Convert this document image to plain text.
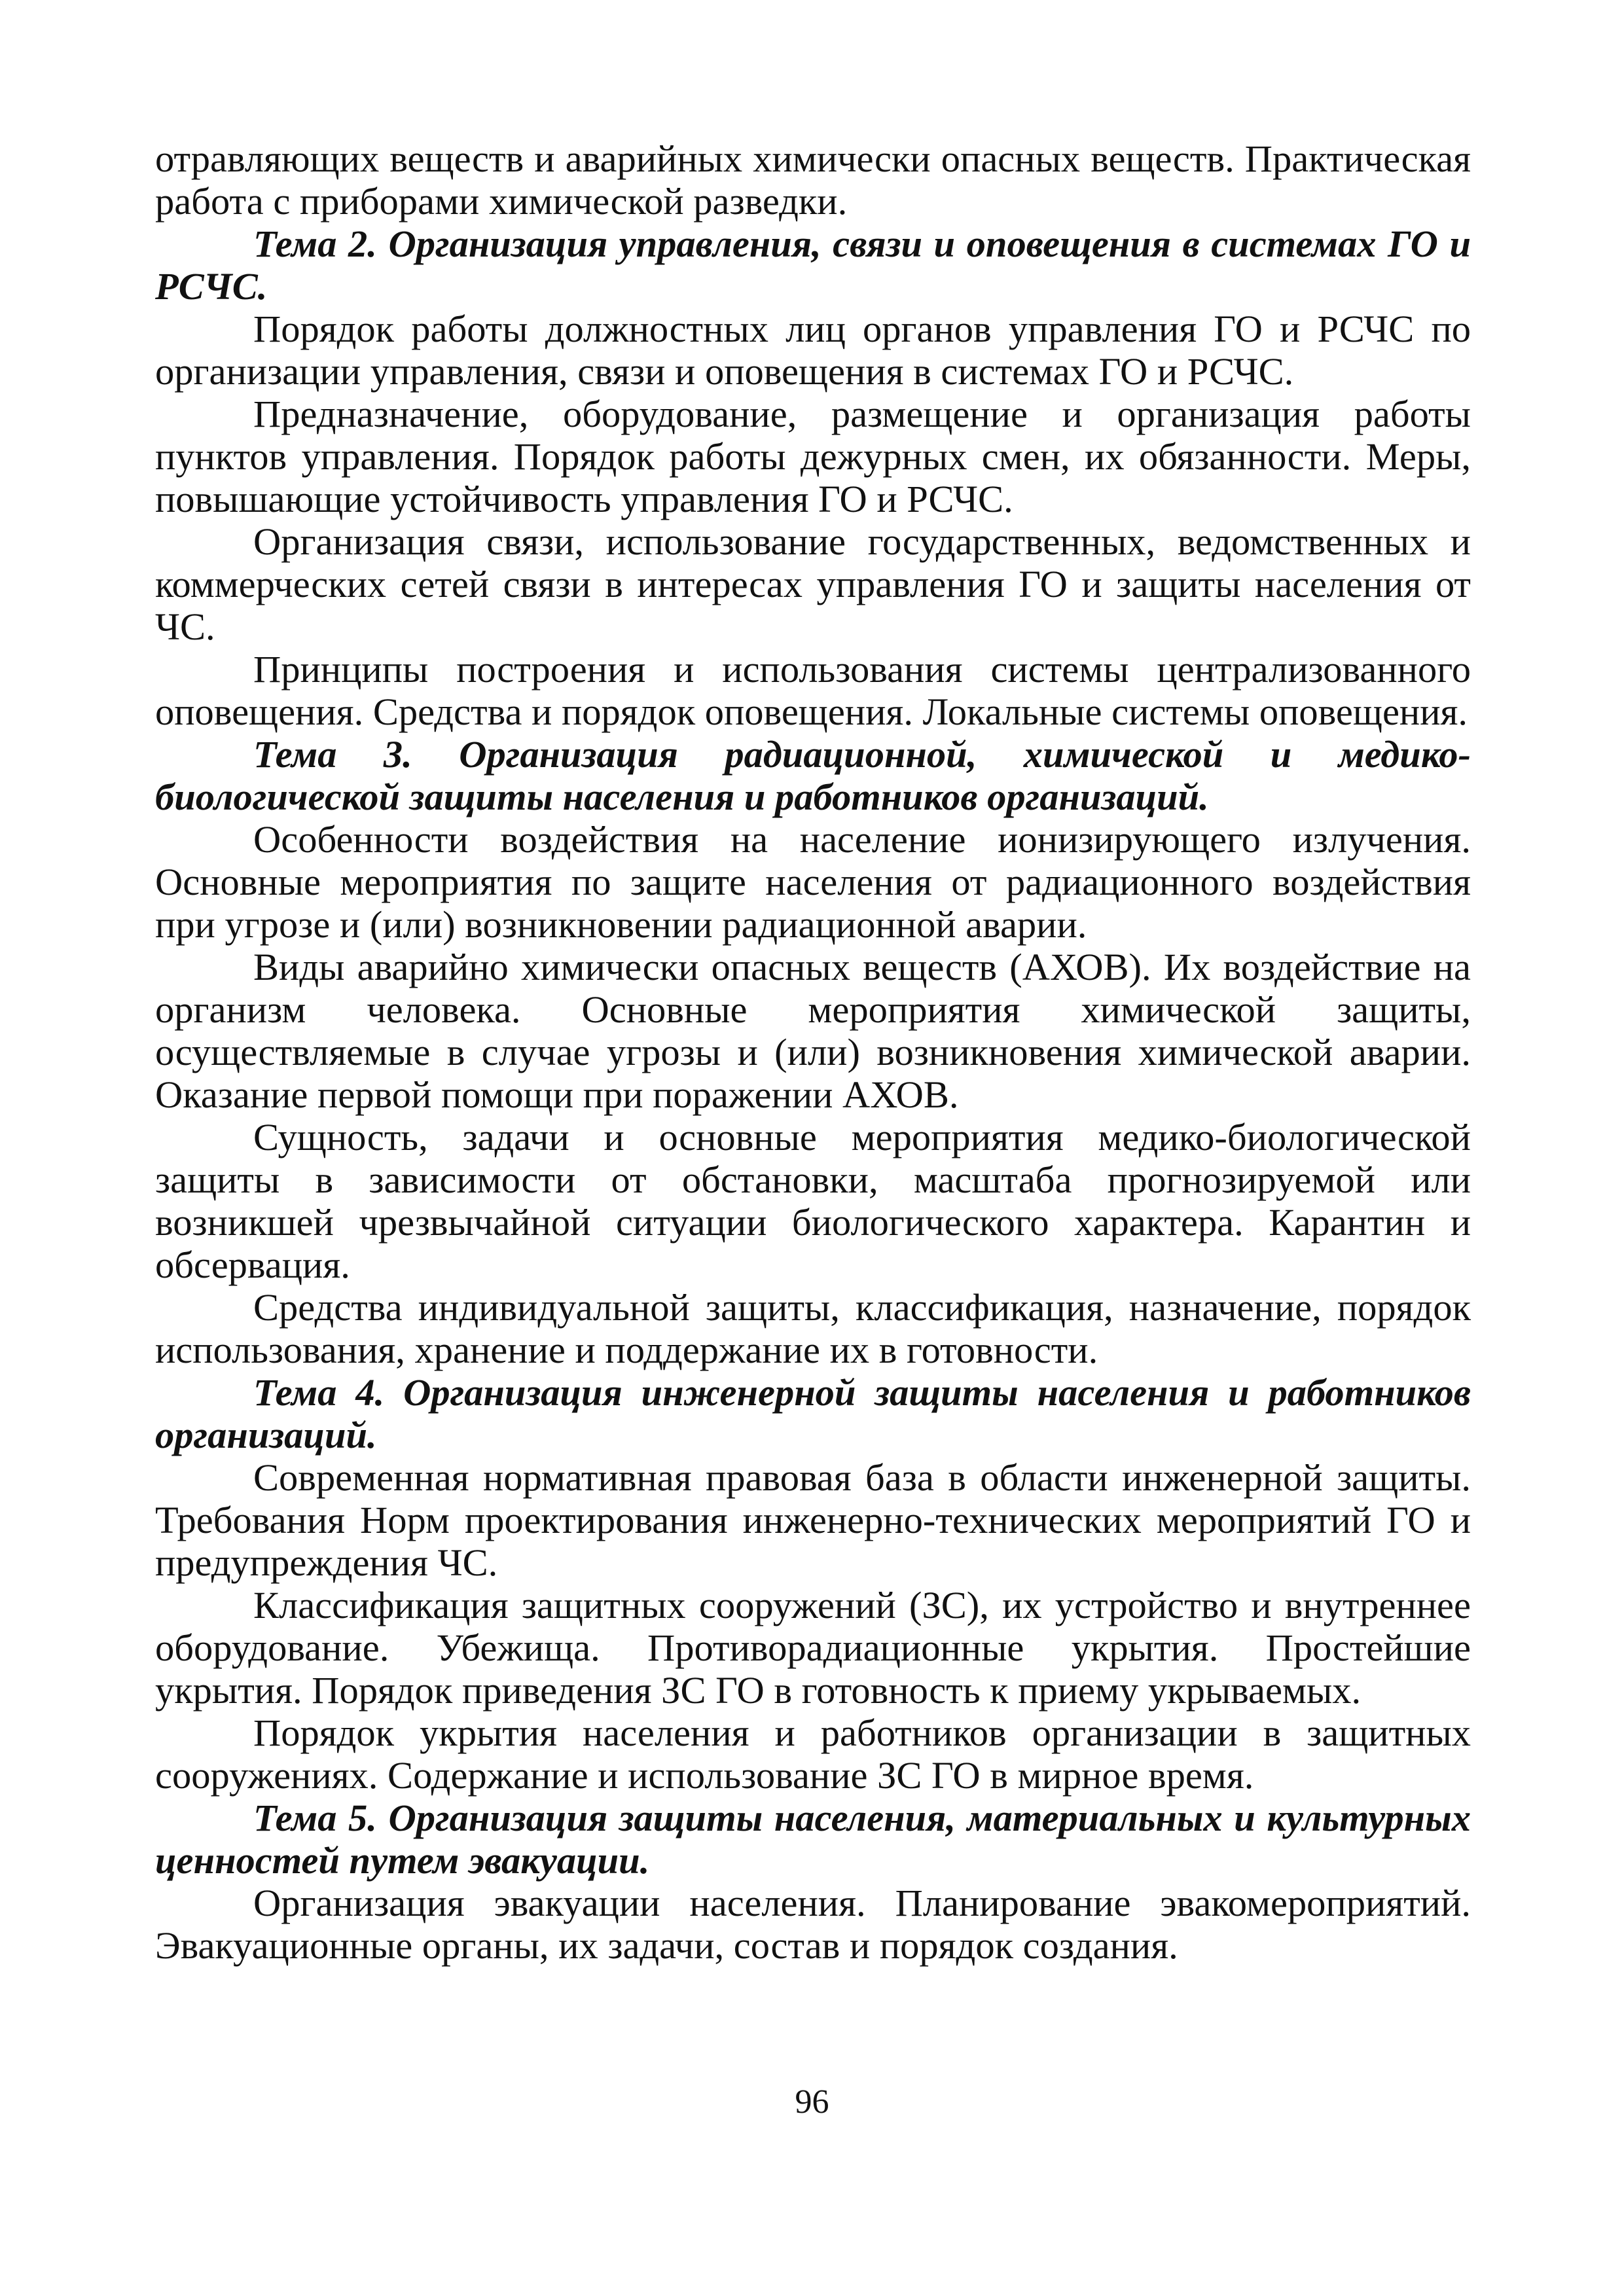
отравляющих веществ и аварийных химически опасных веществ. Практическая работа с приборами химической разведки.

Тема 2. Организация управления, связи и оповещения в системах ГО и РСЧС.

Порядок работы должностных лиц органов управления ГО и РСЧС по организации управления, связи и оповещения в системах ГО и РСЧС.

Предназначение, оборудование, размещение и организация работы пунктов управления. Порядок работы дежурных смен, их обязанности. Меры, повышающие устойчивость управления ГО и РСЧС.

Организация связи, использование государственных, ведомственных и коммерческих сетей связи в интересах управления ГО и защиты населения от ЧС.

Принципы построения и использования системы централизованного оповещения. Средства и порядок оповещения. Локальные системы оповещения.

Тема 3. Организация радиационной, химической и медико-биологической защиты населения и работников организаций.

Особенности воздействия на население ионизирующего излучения. Основные мероприятия по защите населения от радиационного воздействия при угрозе и (или) возникновении радиационной аварии.

Виды аварийно химически опасных веществ (АХОВ). Их воздействие на организм человека. Основные мероприятия химической защиты, осуществляемые в случае угрозы и (или) возникновения химической аварии. Оказание первой помощи при поражении АХОВ.

Сущность, задачи и основные мероприятия медико-биологической защиты в зависимости от обстановки, масштаба прогнозируемой или возникшей чрезвычайной ситуации биологического характера. Карантин и обсервация.

Средства индивидуальной защиты, классификация, назначение, порядок использования, хранение и поддержание их в готовности.

Тема 4. Организация инженерной защиты населения и работников организаций.

Современная нормативная правовая база в области инженерной защиты. Требования Норм проектирования инженерно-технических мероприятий ГО и предупреждения ЧС.

Классификация защитных сооружений (ЗС), их устройство и внутреннее оборудование. Убежища. Противорадиационные укрытия. Простейшие укрытия. Порядок приведения ЗС ГО в готовность к приему укрываемых.

Порядок укрытия населения и работников организации в защитных сооружениях. Содержание и использование ЗС ГО в мирное время.

Тема 5. Организация защиты населения, материальных и культурных ценностей путем эвакуации.

Организация эвакуации населения. Планирование эвакомероприятий. Эвакуационные органы, их задачи, состав и порядок создания.

96
